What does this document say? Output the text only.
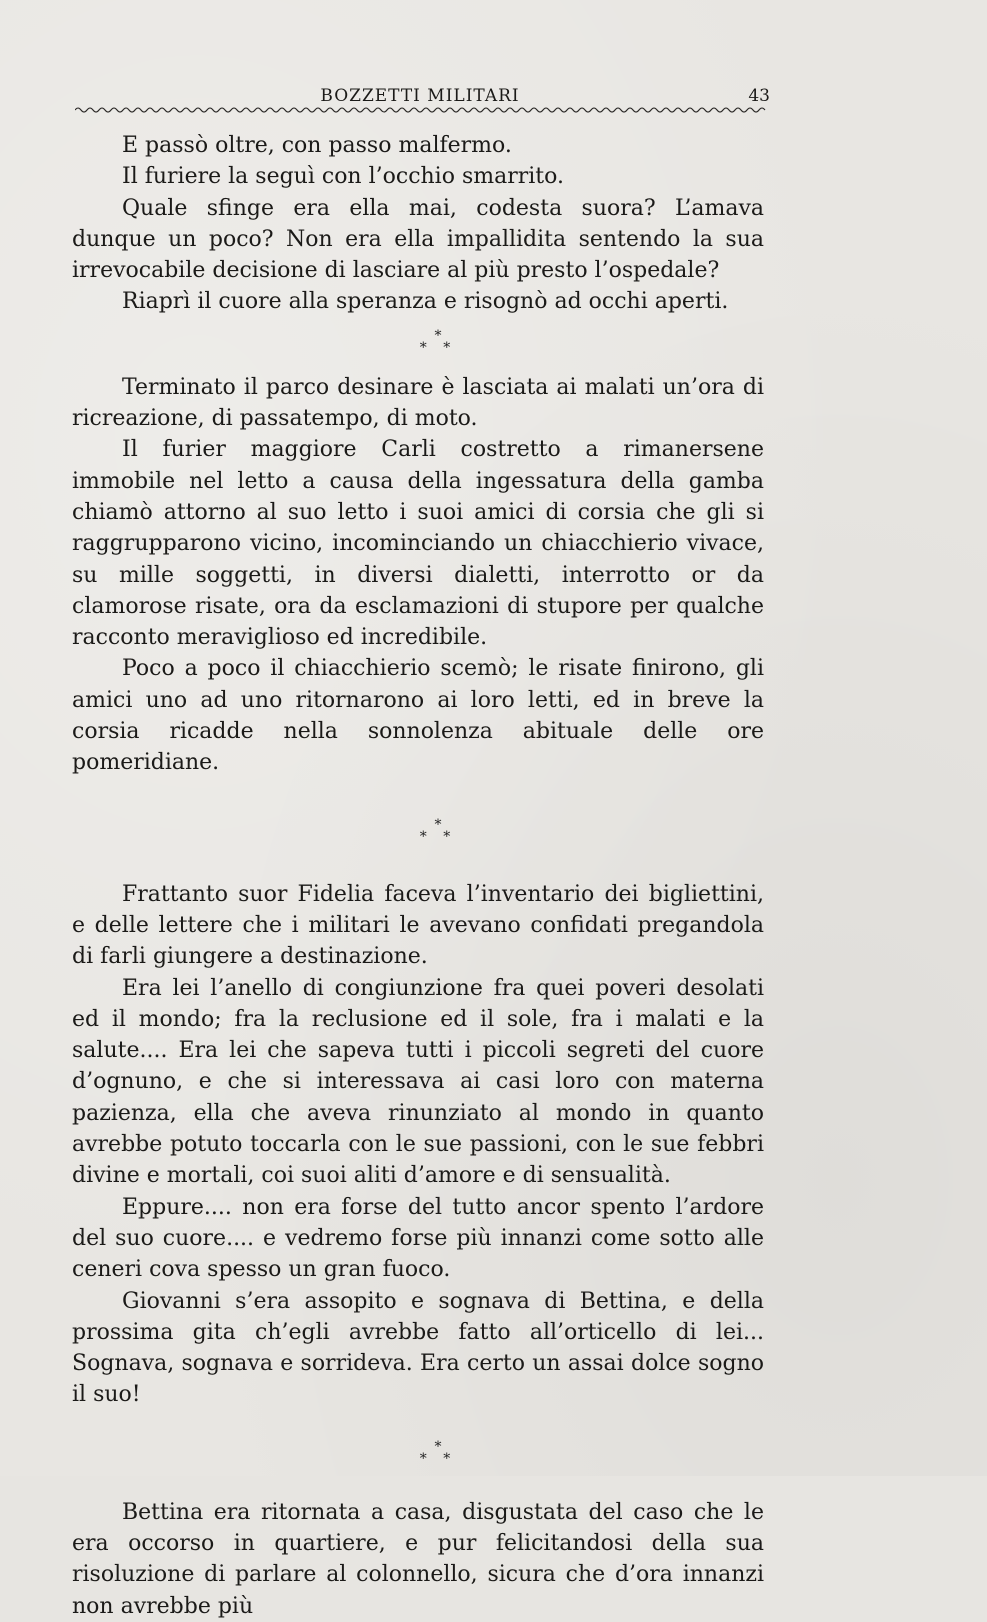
BOZZETTI MILITARI	43

E passò oltre, con passo malfermo.

Il furiere la seguì con l’occhio smarrito.

Quale sfinge era ella mai, codesta suora? L’amava dunque un poco? Non era ella impallidita sentendo la sua irrevocabile decisione di lasciare al più presto l’ospedale?

Riaprì il cuore alla speranza e risognò ad occhi aperti.

*
* *

Terminato il parco desinare è lasciata ai malati un’ora di ricreazione, di passatempo, di moto.

Il furier maggiore Carli costretto a rimanersene immobile nel letto a causa della ingessatura della gamba chiamò attorno al suo letto i suoi amici di corsia che gli si raggrupparono vicino, incominciando un chiacchierio vivace, su mille soggetti, in diversi dialetti, interrotto or da clamorose risate, ora da esclamazioni di stupore per qualche racconto meraviglioso ed incredibile.

Poco a poco il chiacchierio scemò; le risate finirono, gli amici uno ad uno ritornarono ai loro letti, ed in breve la corsia ricadde nella sonnolenza abituale delle ore pomeridiane.

*
* *

Frattanto suor Fidelia faceva l’inventario dei bigliettini, e delle lettere che i militari le avevano confidati pregandola di farli giungere a destinazione.

Era lei l’anello di congiunzione fra quei poveri desolati ed il mondo; fra la reclusione ed il sole, fra i malati e la salute.... Era lei che sapeva tutti i piccoli segreti del cuore d’ognuno, e che si interessava ai casi loro con materna pazienza, ella che aveva rinunziato al mondo in quanto avrebbe potuto toccarla con le sue passioni, con le sue febbri divine e mortali, coi suoi aliti d’amore e di sensualità.

Eppure.... non era forse del tutto ancor spento l’ardore del suo cuore.... e vedremo forse più innanzi come sotto alle ceneri cova spesso un gran fuoco.

Giovanni s’era assopito e sognava di Bettina, e della prossima gita ch’egli avrebbe fatto all’orticello di lei... Sognava, sognava e sorrideva. Era certo un assai dolce sogno il suo!

*
* *

Bettina era ritornata a casa, disgustata del caso che le era occorso in quartiere, e pur felicitandosi della sua risoluzione di parlare al colonnello, sicura che d’ora innanzi non avrebbe più
